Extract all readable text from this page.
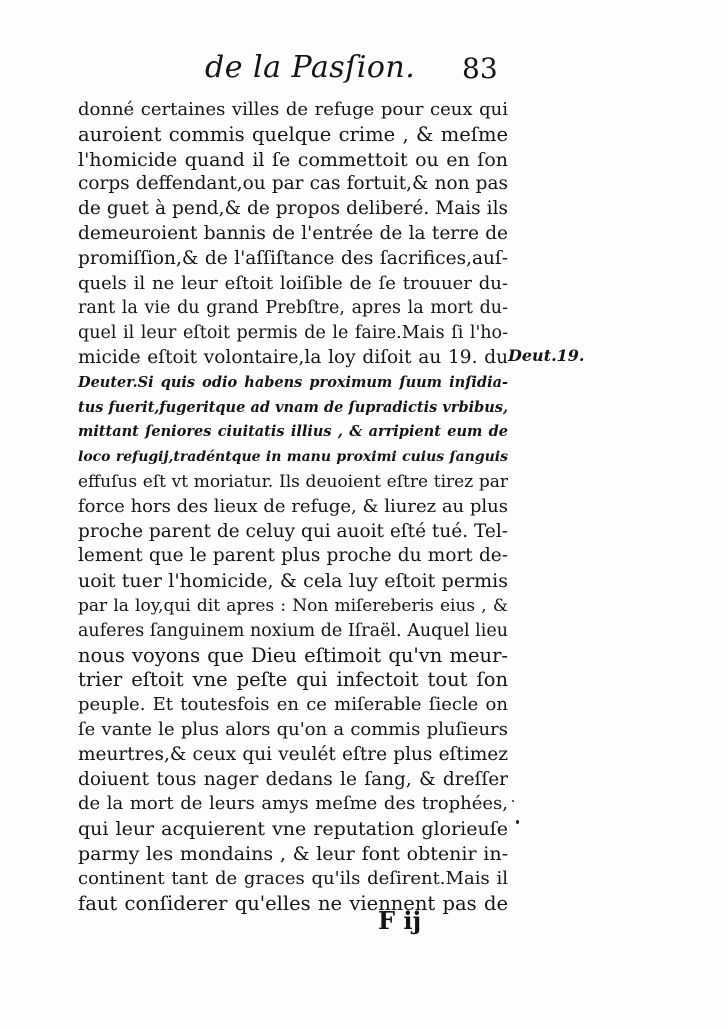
de la Pasſion. 83
donné certaines villes de refuge pour ceux qui
auroient commis quelque crime , & meſme
l'homicide quand il ſe commettoit ou en ſon
corps deffendant,ou par cas fortuit,& non pas
de guet à pend,& de propos deliberé. Mais ils
demeuroient bannis de l'entrée de la terre de
promiſſion,& de l'aſſiſtance des ſacrifices,auſ-
quels il ne leur eſtoit loiſible de ſe trouuer du-
rant la vie du grand Prebſtre, apres la mort du-
quel il leur eſtoit permis de le faire.Mais ſi l'ho-
micide eſtoit volontaire,la loy diſoit au 19. du
Deuter.Si quis odio habens proximum ſuum inſidia-
tus fuerit,fugeritque ad vnam de ſupradictis vrbibus,
mittant ſeniores ciuitatis illius , & arripient eum de
loco refugij,tradéntque in manu proximi cuius ſanguis
effuſus eſt vt moriatur. Ils deuoient eſtre tirez par
force hors des lieux de refuge, & liurez au plus
proche parent de celuy qui auoit eſté tué. Tel-
lement que le parent plus proche du mort de-
uoit tuer l'homicide, & cela luy eſtoit permis
par la loy,qui dit apres : Non miſereberis eius , &
auferes ſanguinem noxium de Iſraël. Auquel lieu
nous voyons que Dieu eſtimoit qu'vn meur-
trier eſtoit vne peſte qui infectoit tout ſon
peuple. Et toutesfois en ce miſerable ſiecle on
ſe vante le plus alors qu'on a commis pluſieurs
meurtres,& ceux qui veulét eſtre plus eſtimez
doiuent tous nager dedans le ſang, & dreſſer
de la mort de leurs amys meſme des trophées,
qui leur acquierent vne reputation glorieuſe
parmy les mondains , & leur font obtenir in-
continent tant de graces qu'ils deſirent.Mais il
faut conſiderer qu'elles ne viennent pas de
Deut.19.
F ij
